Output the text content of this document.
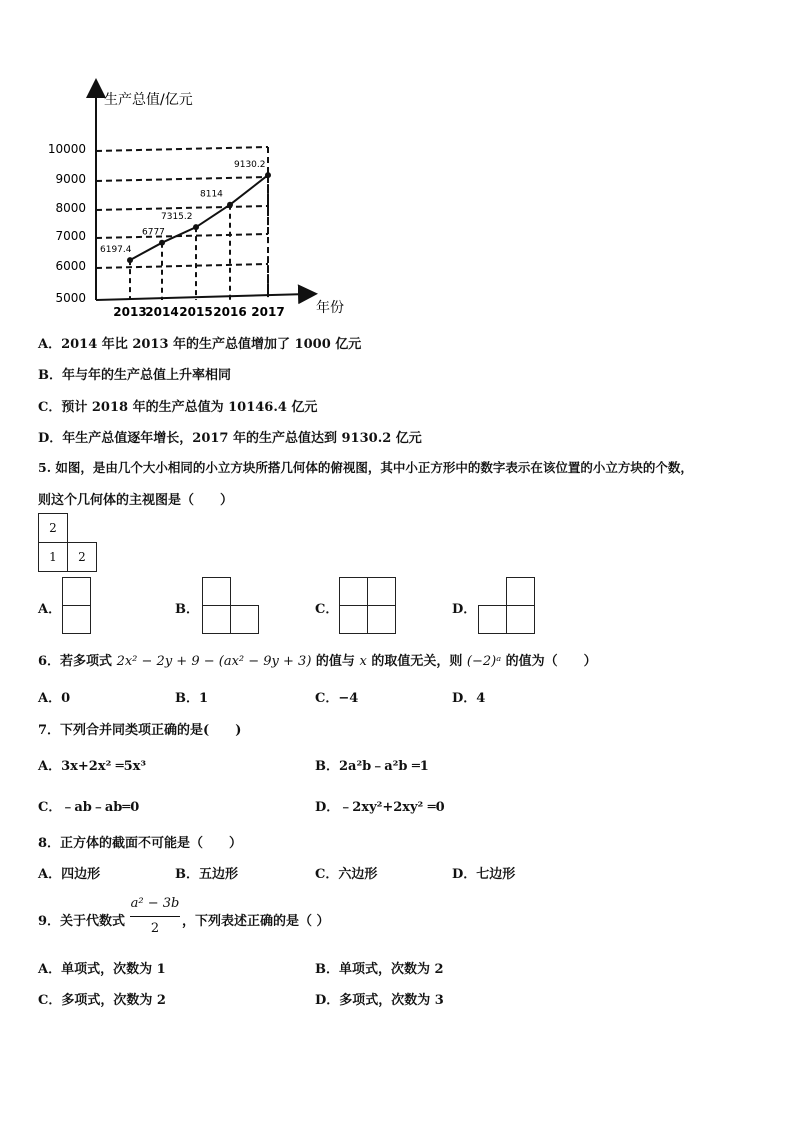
生产总值/亿元
年份
5000
6000
7000
8000
9000
10000
2013
2014 2015 2016 2017
6197.4
6777
7315.2
8114
9130.2
A．2014 年比 2013 年的生产总值增加了 1000 亿元
B．年与年的生产总值上升率相同
C．预计 2018 年的生产总值为 10146.4 亿元
D．年生产总值逐年增长，2017 年的生产总值达到 9130.2 亿元
5. 如图，是由几个大小相同的小立方块所搭几何体的俯视图，其中小正方形中的数字表示在该位置的小立方块的个数，
则这个几何体的主视图是（　　）
2
1	2
A．	B．	C．	D．
6．若多项式 2x² − 2y + 9 − (ax² − 9y + 3) 的值与 x 的取值无关，则 (−2)ᵃ 的值为（　　）
A．0	B．1	C．−4	D．4
7．下列合并同类项正确的是(　　)
A．3x+2x² ═5x³	B．2a²b﹣a²b ═1
C．﹣ab﹣ab═0	D．﹣2xy²+2xy² ═0
8．正方体的截面不可能是（　　）
A．四边形	B．五边形	C．六边形	D．七边形
9．关于代数式
a² − 3b
2	，下列表述正确的是（ ）
A．单项式，次数为 1	B．单项式，次数为 2
C．多项式，次数为 2	D．多项式，次数为 3
